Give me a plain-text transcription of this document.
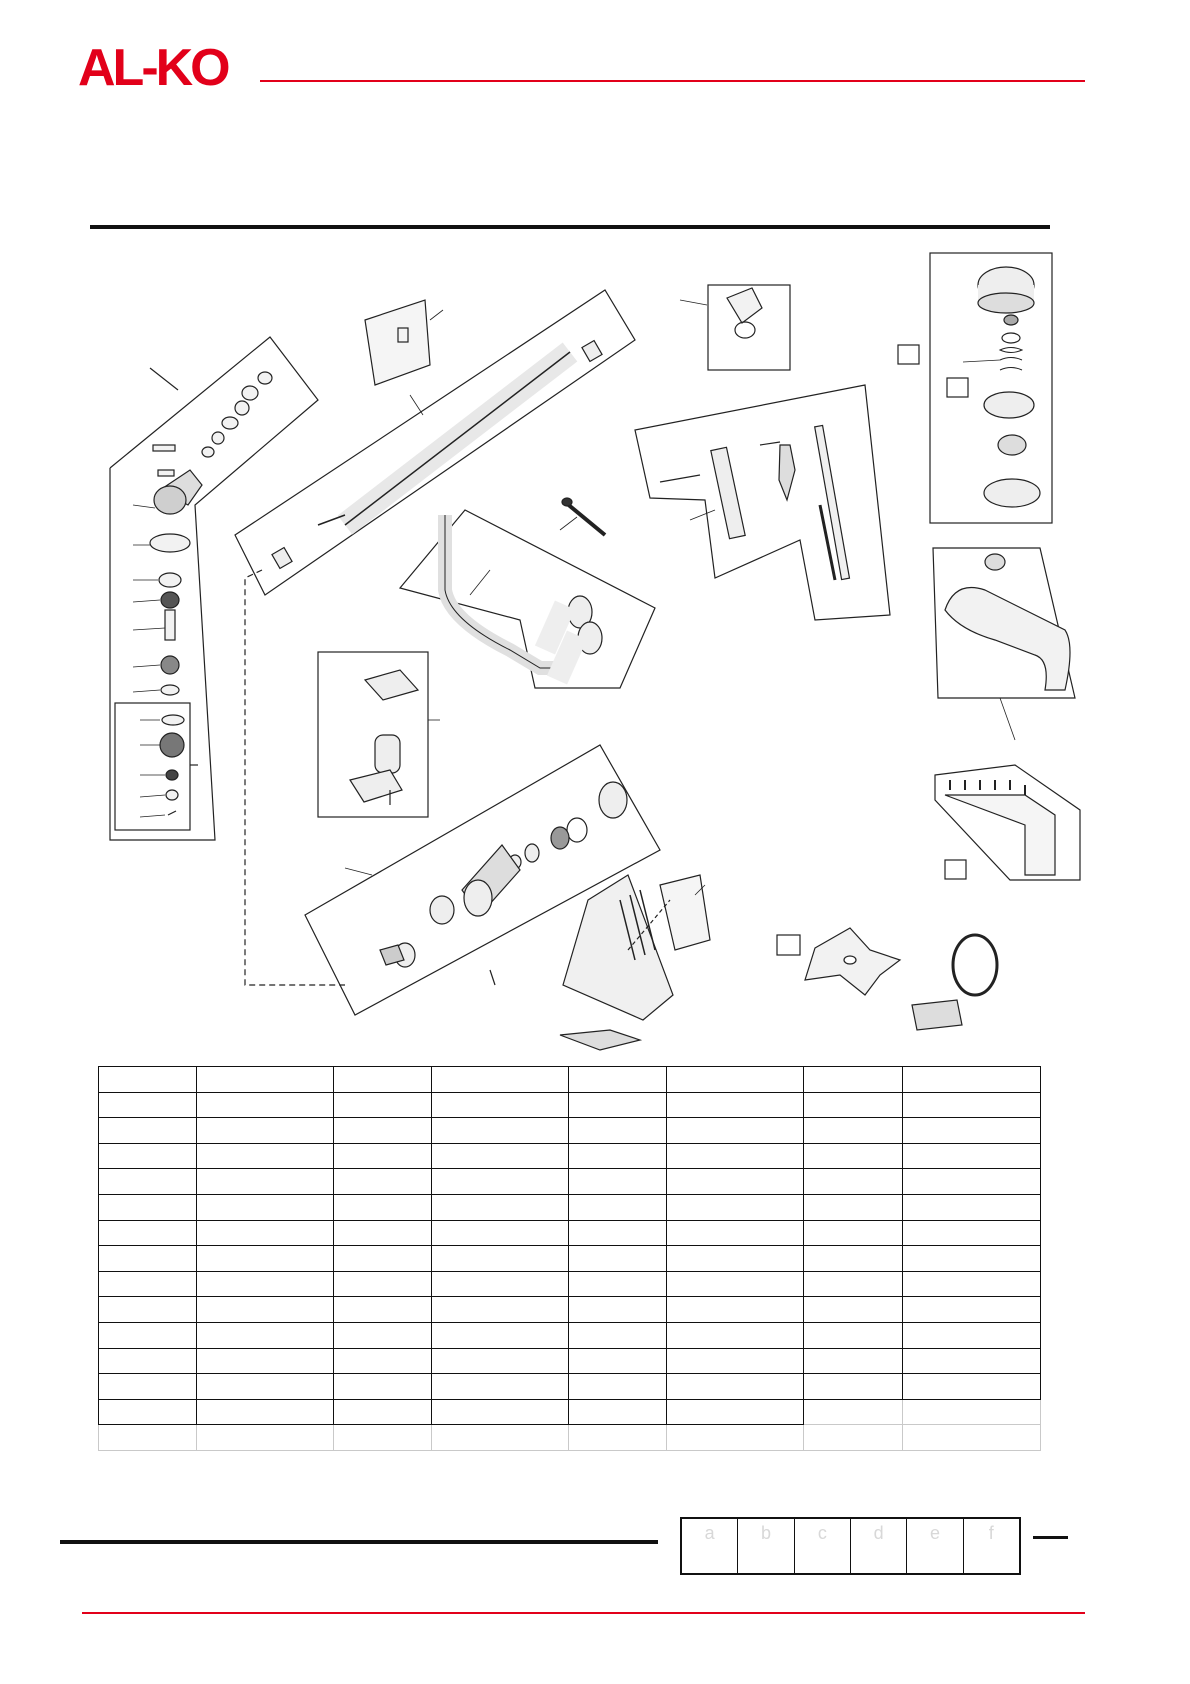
AL-KO

a	b	c	d	e	f
